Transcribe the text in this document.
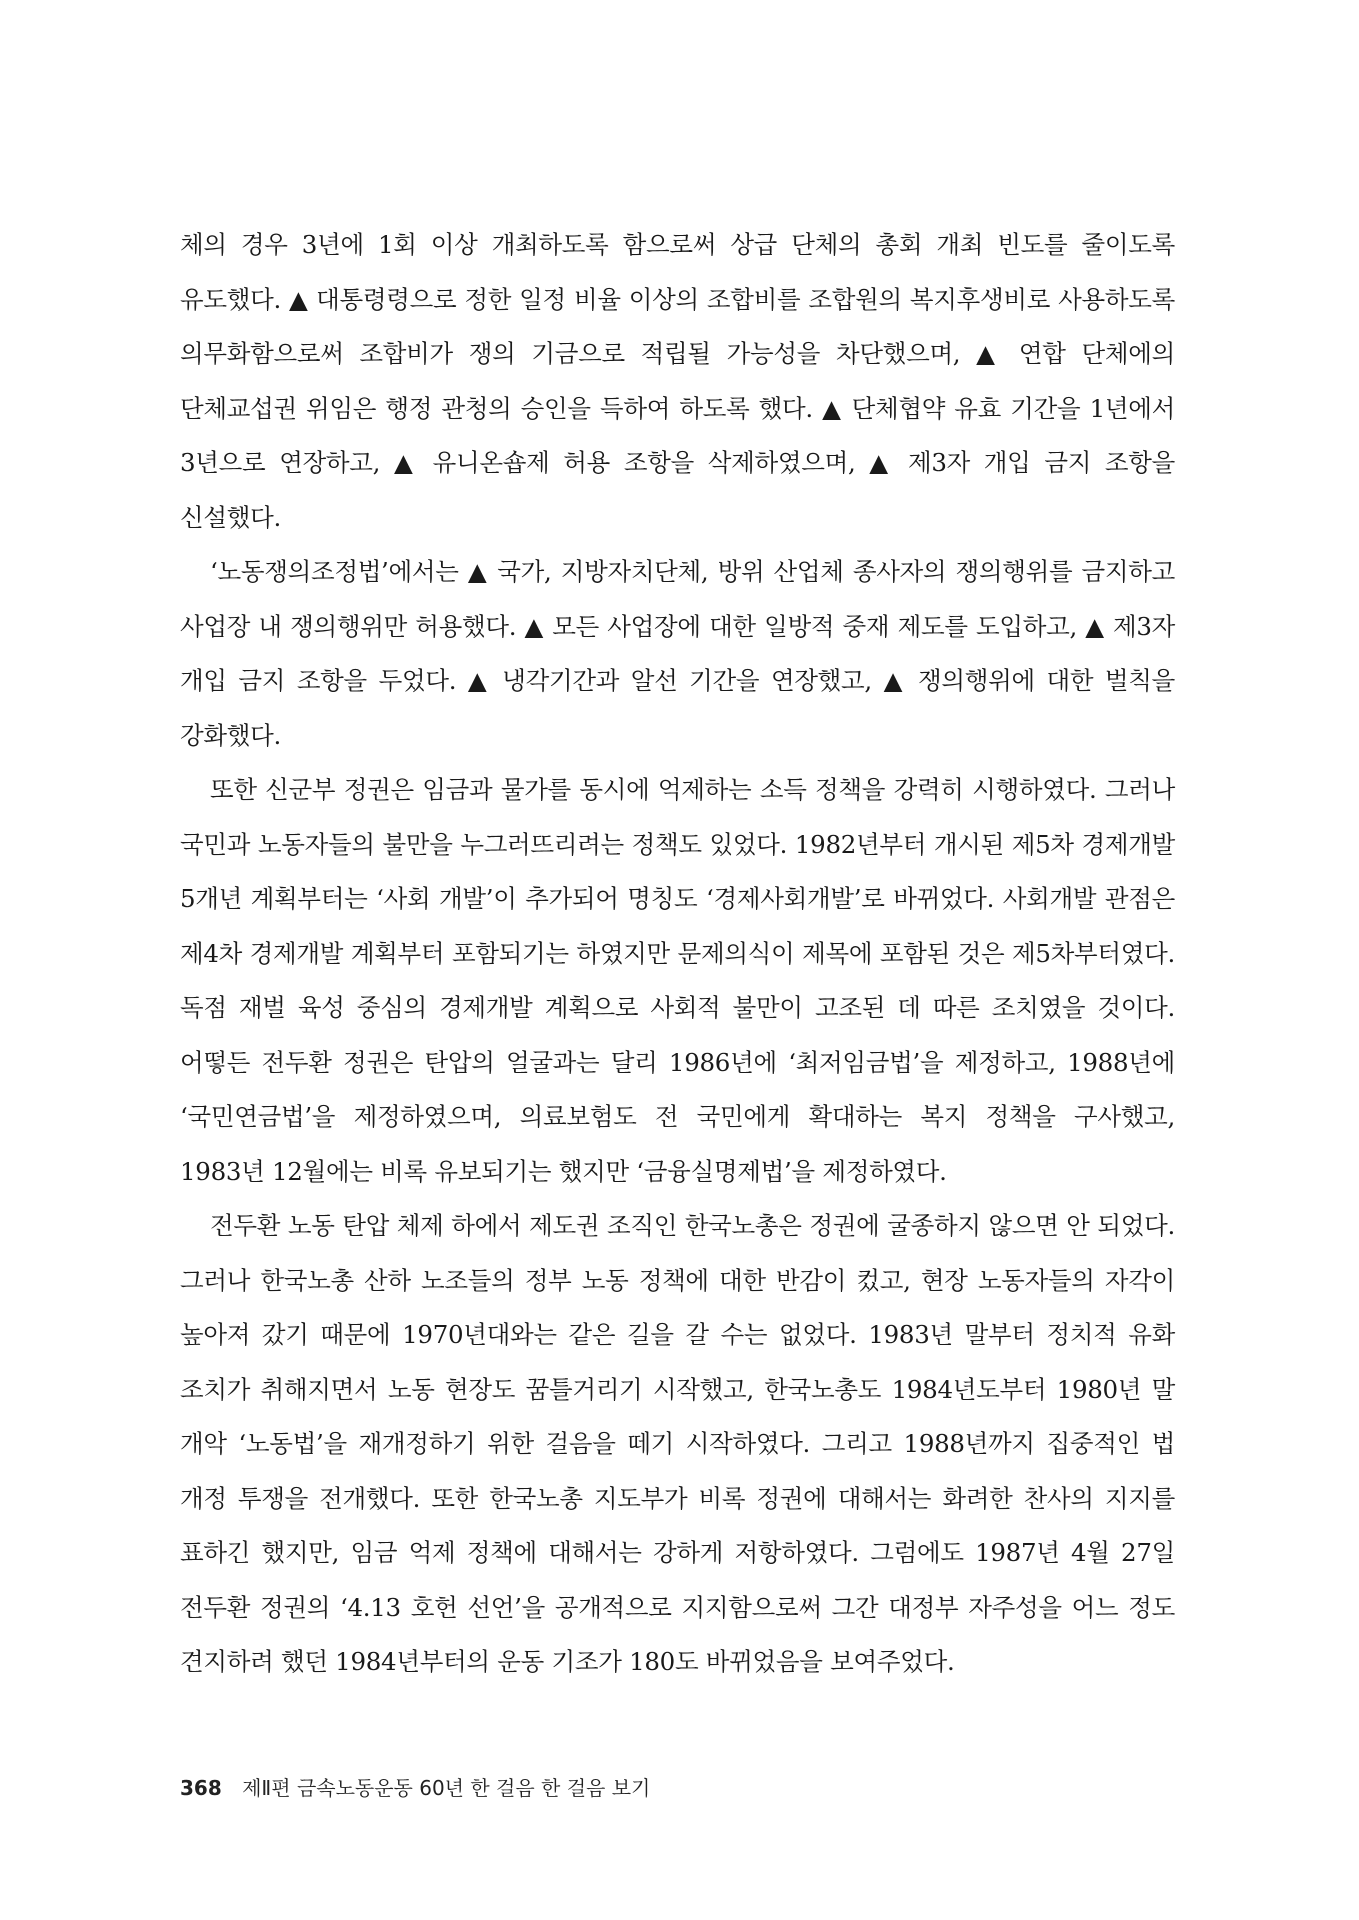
체의 경우 3년에 1회 이상 개최하도록 함으로써 상급 단체의 총회 개최 빈도를 줄이도록 유도했다. ▲ 대통령령으로 정한 일정 비율 이상의 조합비를 조합원의 복지후생비로 사용하도록 의무화함으로써 조합비가 쟁의 기금으로 적립될 가능성을 차단했으며, ▲ 연합 단체에의 단체교섭권 위임은 행정 관청의 승인을 득하여 하도록 했다. ▲ 단체협약 유효 기간을 1년에서 3년으로 연장하고, ▲ 유니온숍제 허용 조항을 삭제하였으며, ▲ 제3자 개입 금지 조항을 신설했다.

‘노동쟁의조정법’에서는 ▲ 국가, 지방자치단체, 방위 산업체 종사자의 쟁의행위를 금지하고 사업장 내 쟁의행위만 허용했다. ▲ 모든 사업장에 대한 일방적 중재 제도를 도입하고, ▲ 제3자 개입 금지 조항을 두었다. ▲ 냉각기간과 알선 기간을 연장했고, ▲ 쟁의행위에 대한 벌칙을 강화했다.

또한 신군부 정권은 임금과 물가를 동시에 억제하는 소득 정책을 강력히 시행하였다. 그러나 국민과 노동자들의 불만을 누그러뜨리려는 정책도 있었다. 1982년부터 개시된 제5차 경제개발 5개년 계획부터는 ‘사회 개발’이 추가되어 명칭도 ‘경제사회개발’로 바뀌었다. 사회개발 관점은 제4차 경제개발 계획부터 포함되기는 하였지만 문제의식이 제목에 포함된 것은 제5차부터였다. 독점 재벌 육성 중심의 경제개발 계획으로 사회적 불만이 고조된 데 따른 조치였을 것이다. 어떻든 전두환 정권은 탄압의 얼굴과는 달리 1986년에 ‘최저임금법’을 제정하고, 1988년에 ‘국민연금법’을 제정하였으며, 의료보험도 전 국민에게 확대하는 복지 정책을 구사했고, 1983년 12월에는 비록 유보되기는 했지만 ‘금융실명제법’을 제정하였다.

전두환 노동 탄압 체제 하에서 제도권 조직인 한국노총은 정권에 굴종하지 않으면 안 되었다. 그러나 한국노총 산하 노조들의 정부 노동 정책에 대한 반감이 컸고, 현장 노동자들의 자각이 높아져 갔기 때문에 1970년대와는 같은 길을 갈 수는 없었다. 1983년 말부터 정치적 유화 조치가 취해지면서 노동 현장도 꿈틀거리기 시작했고, 한국노총도 1984년도부터 1980년 말 개악 ‘노동법’을 재개정하기 위한 걸음을 떼기 시작하였다. 그리고 1988년까지 집중적인 법 개정 투쟁을 전개했다. 또한 한국노총 지도부가 비록 정권에 대해서는 화려한 찬사의 지지를 표하긴 했지만, 임금 억제 정책에 대해서는 강하게 저항하였다. 그럼에도 1987년 4월 27일 전두환 정권의 ‘4.13 호헌 선언’을 공개적으로 지지함으로써 그간 대정부 자주성을 어느 정도 견지하려 했던 1984년부터의 운동 기조가 180도 바뀌었음을 보여주었다.

368 제Ⅱ편 금속노동운동 60년 한 걸음 한 걸음 보기
